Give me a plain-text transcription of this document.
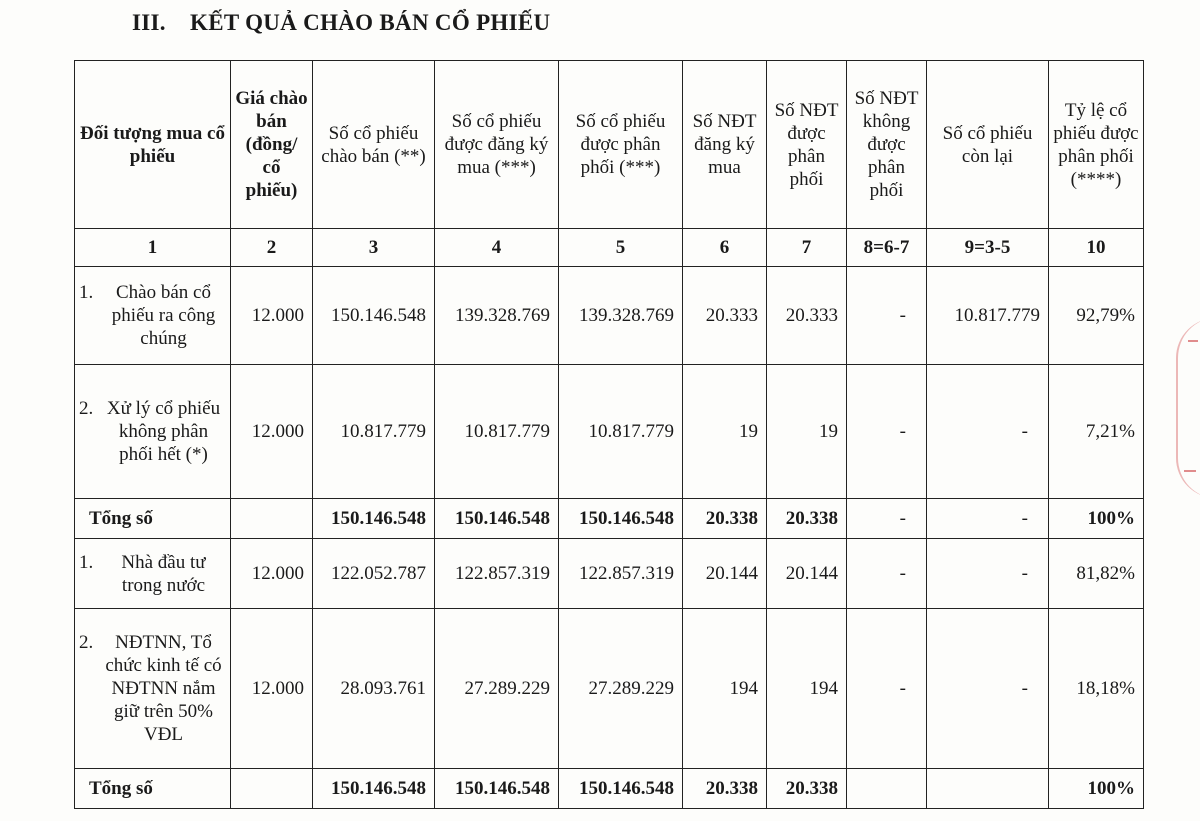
III. KẾT QUẢ CHÀO BÁN CỔ PHIẾU
Đối tượng mua cổ phiếu	Giá chào bán (đồng/ cổ phiếu)	Số cổ phiếu chào bán (**)	Số cổ phiếu được đăng ký mua (***)	Số cổ phiếu được phân phối (***)	Số NĐT đăng ký mua	Số NĐT được phân phối	Số NĐT không được phân phối	Số cổ phiếu còn lại	Tỷ lệ cổ phiếu được phân phối (****)
1	2	3	4	5	6	7	8=6-7	9=3-5	10

1. Chào bán cổ phiếu ra công chúng	12.000	150.146.548	139.328.769	139.328.769	20.333	20.333	-	10.817.779	92,79%

2. Xử lý cổ phiếu không phân phối hết (*)	12.000	10.817.779	10.817.779	10.817.779	19	19	-	-	7,21%
Tổng số		150.146.548	150.146.548	150.146.548	20.338	20.338	-	-	100%

1. Nhà đầu tư trong nước	12.000	122.052.787	122.857.319	122.857.319	20.144	20.144	-	-	81,82%

2. NĐTNN, Tổ chức kinh tế có NĐTNN nắm giữ trên 50% VĐL	12.000	28.093.761	27.289.229	27.289.229	194	194	-	-	18,18%
Tổng số		150.146.548	150.146.548	150.146.548	20.338	20.338			100%
